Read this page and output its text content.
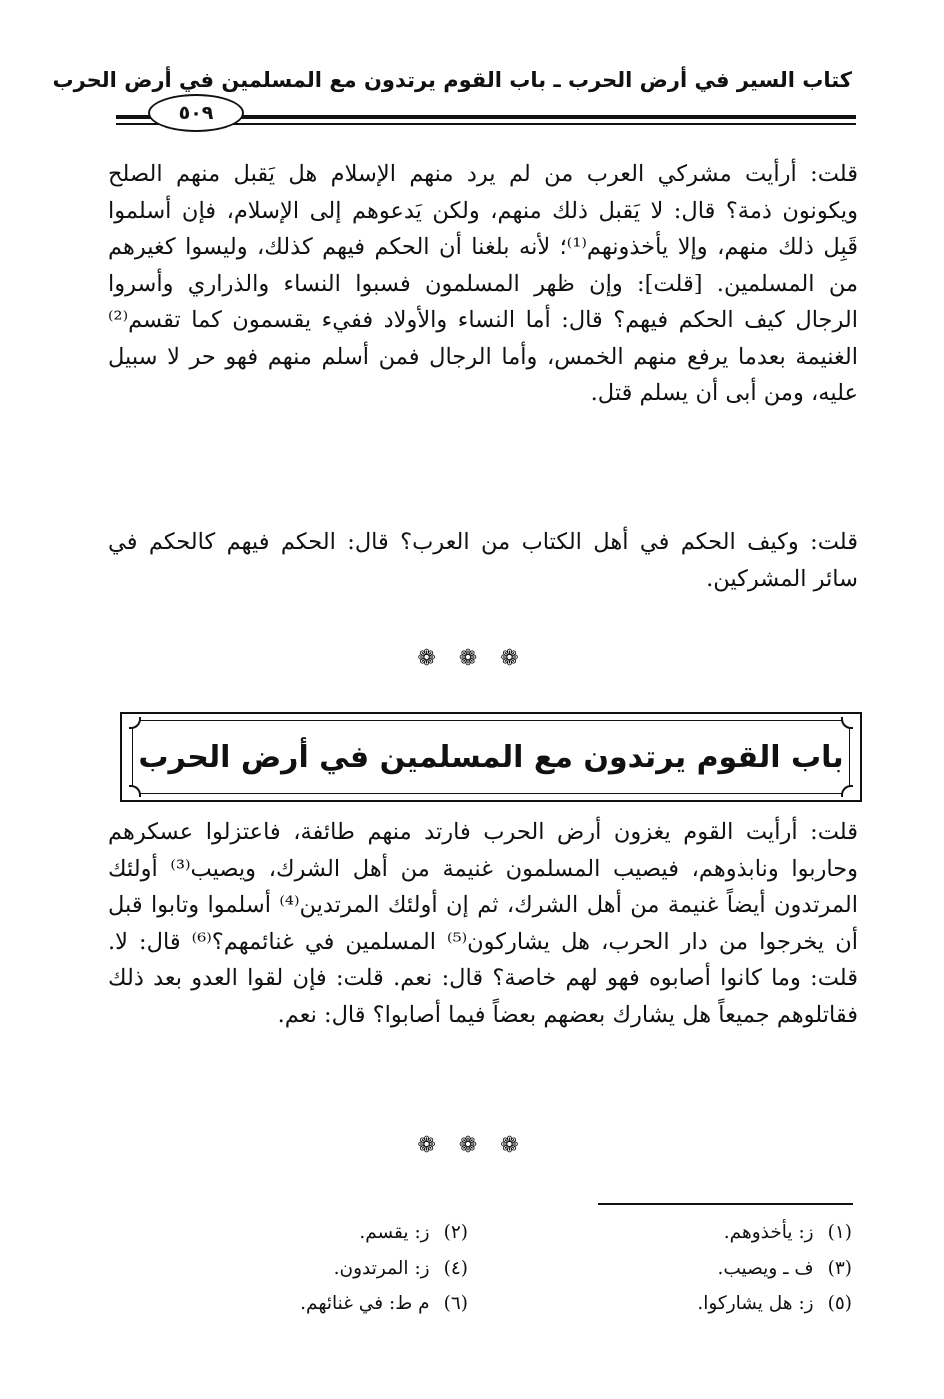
كتاب السير في أرض الحرب ـ باب القوم يرتدون مع المسلمين في أرض الحرب
٥٠٩

قلت: أرأيت مشركي العرب من لم يرد منهم الإسلام هل يَقبل منهم الصلح ويكونون ذمة؟ قال: لا يَقبل ذلك منهم، ولكن يَدعوهم إلى الإسلام، فإن أسلموا قَبِل ذلك منهم، وإلا يأخذونهم⁽¹⁾؛ لأنه بلغنا أن الحكم فيهم كذلك، وليسوا كغيرهم من المسلمين. [قلت]: وإن ظهر المسلمون فسبوا النساء والذراري وأسروا الرجال كيف الحكم فيهم؟ قال: أما النساء والأولاد ففيء يقسمون كما تقسم⁽²⁾ الغنيمة بعدما يرفع منهم الخمس، وأما الرجال فمن أسلم منهم فهو حر لا سبيل عليه، ومن أبى أن يسلم قتل.

قلت: وكيف الحكم في أهل الكتاب من العرب؟ قال: الحكم فيهم كالحكم في سائر المشركين.

❁ ❁ ❁
باب القوم يرتدون مع المسلمين في أرض الحرب

قلت: أرأيت القوم يغزون أرض الحرب فارتد منهم طائفة، فاعتزلوا عسكرهم وحاربوا ونابذوهم، فيصيب المسلمون غنيمة من أهل الشرك، ويصيب⁽³⁾ أولئك المرتدون أيضاً غنيمة من أهل الشرك، ثم إن أولئك المرتدين⁽⁴⁾ أسلموا وتابوا قبل أن يخرجوا من دار الحرب، هل يشاركون⁽⁵⁾ المسلمين في غنائمهم؟⁽⁶⁾ قال: لا. قلت: وما كانوا أصابوه فهو لهم خاصة؟ قال: نعم. قلت: فإن لقوا العدو بعد ذلك فقاتلوهم جميعاً هل يشارك بعضهم بعضاً فيما أصابوا؟ قال: نعم.

❁ ❁ ❁
(١)ز: يأخذوهم.
(٢)ز: يقسم.
(٣)ف ـ ويصيب.
(٤)ز: المرتدون.
(٥)ز: هل يشاركوا.
(٦)م ط: في غنائهم.
